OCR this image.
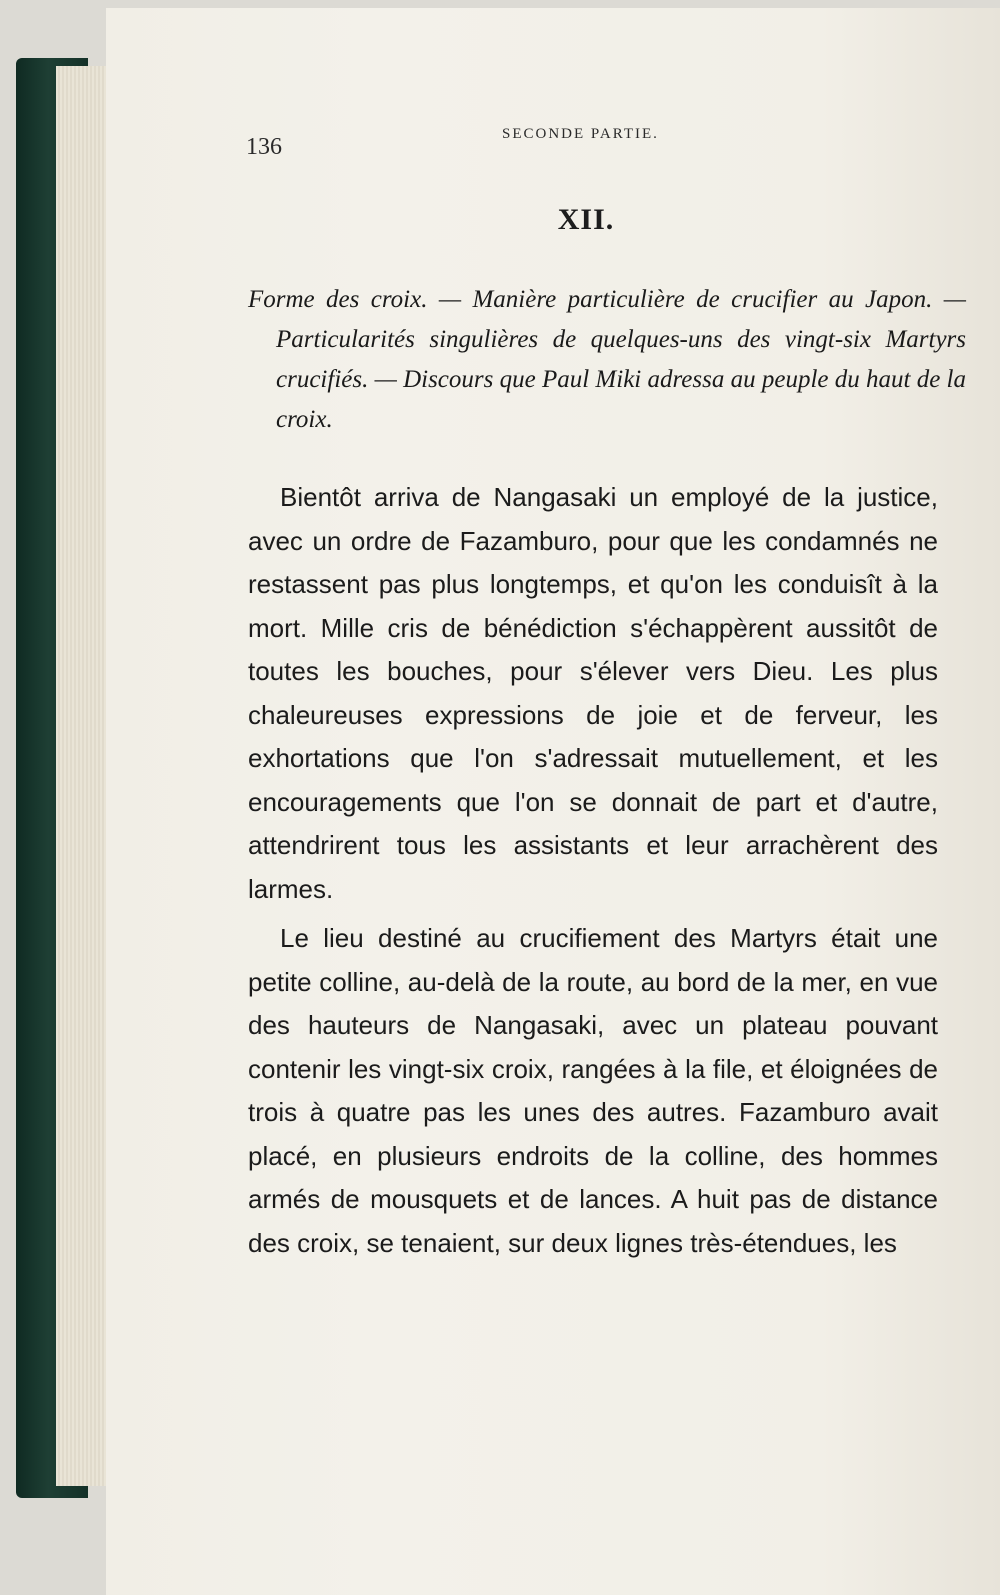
136	SECONDE PARTIE.
XII.
Forme des croix. — Manière particulière de crucifier au Japon. — Particularités singulières de quelques-uns des vingt-six Martyrs crucifiés. — Discours que Paul Miki adressa au peuple du haut de la croix.

Bientôt arriva de Nangasaki un employé de la justice, avec un ordre de Fazamburo, pour que les condamnés ne restassent pas plus longtemps, et qu'on les conduisît à la mort. Mille cris de bénédiction s'échappèrent aussitôt de toutes les bouches, pour s'élever vers Dieu. Les plus chaleureuses expressions de joie et de ferveur, les exhortations que l'on s'adressait mutuellement, et les encouragements que l'on se donnait de part et d'autre, attendrirent tous les assistants et leur arrachèrent des larmes.

Le lieu destiné au crucifiement des Martyrs était une petite colline, au-delà de la route, au bord de la mer, en vue des hauteurs de Nangasaki, avec un plateau pouvant contenir les vingt-six croix, rangées à la file, et éloignées de trois à quatre pas les unes des autres. Fazamburo avait placé, en plusieurs endroits de la colline, des hommes armés de mousquets et de lances. A huit pas de distance des croix, se tenaient, sur deux lignes très-étendues, les
